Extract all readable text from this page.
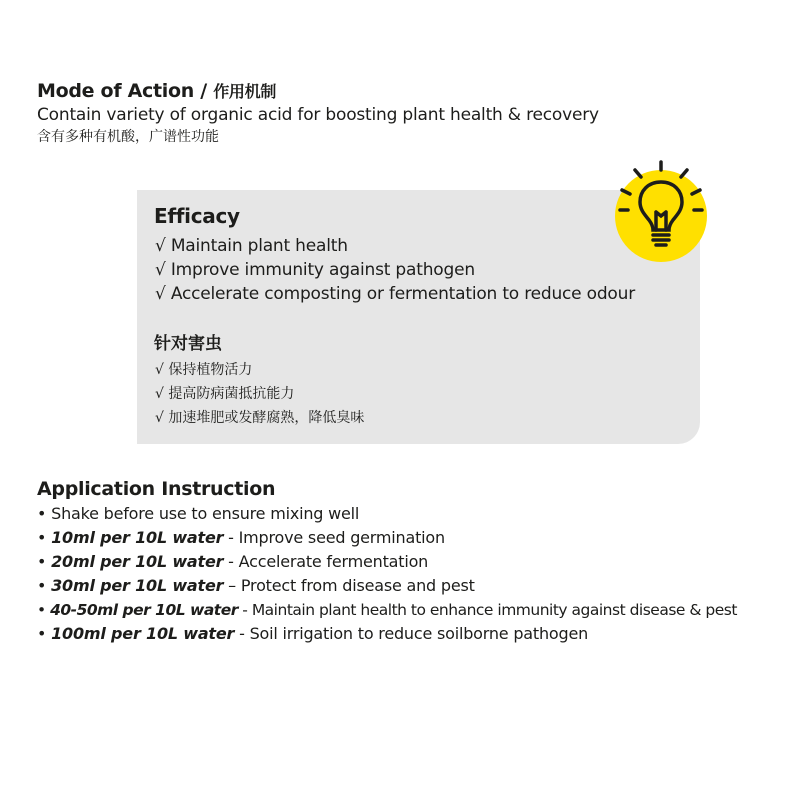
Mode of Action / 作用机制
Contain variety of organic acid for boosting plant health & recovery
含有多种有机酸，广谱性功能
Efficacy
√ Maintain plant health
√ Improve immunity against pathogen
√ Accelerate composting or fermentation to reduce odour
针对害虫
√ 保持植物活力
√ 提高防病菌抵抗能力
√ 加速堆肥或发酵腐熟，降低臭味
Application Instruction
• Shake before use to ensure mixing well
• 10ml per 10L water - Improve seed germination
• 20ml per 10L water - Accelerate fermentation
• 30ml per 10L water – Protect from disease and pest
• 40-50ml per 10L water - Maintain plant health to enhance immunity against disease & pest
• 100ml per 10L water - Soil irrigation to reduce soilborne pathogen
